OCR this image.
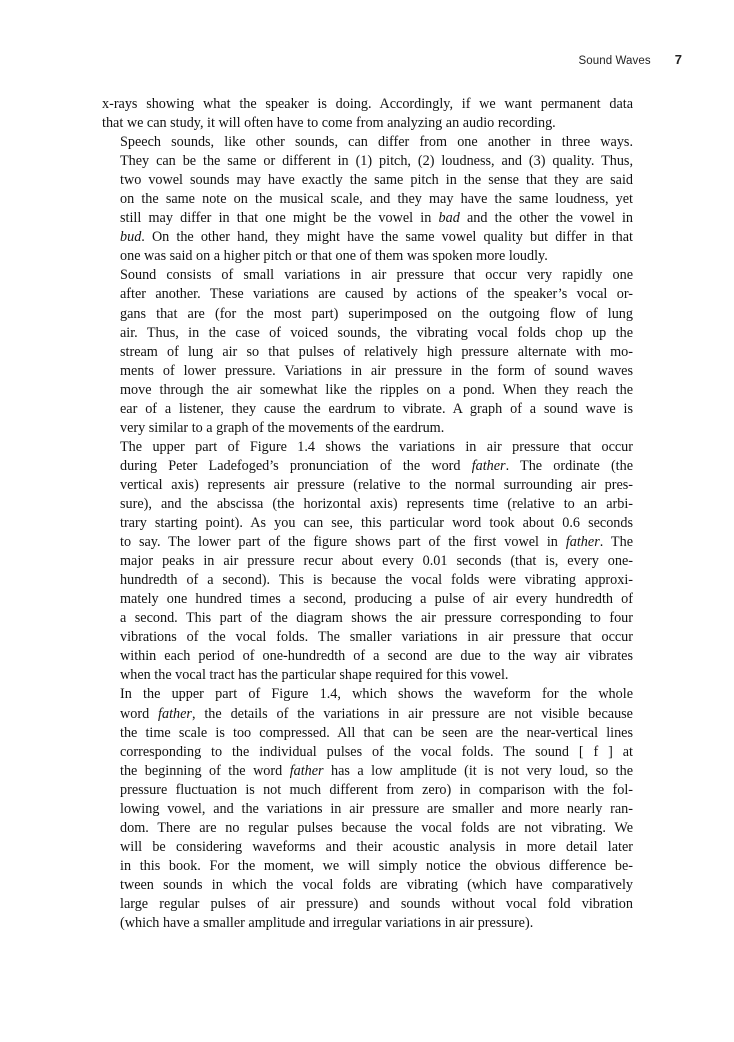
Sound Waves 7

x-rays showing what the speaker is doing. Accordingly, if we want permanent data
that we can study, it will often have to come from analyzing an audio recording.

Speech sounds, like other sounds, can differ from one another in three ways.
They can be the same or different in (1) pitch, (2) loudness, and (3) quality. Thus,
two vowel sounds may have exactly the same pitch in the sense that they are said
on the same note on the musical scale, and they may have the same loudness, yet
still may differ in that one might be the vowel in bad and the other the vowel in
bud. On the other hand, they might have the same vowel quality but differ in that
one was said on a higher pitch or that one of them was spoken more loudly.

Sound consists of small variations in air pressure that occur very rapidly one
after another. These variations are caused by actions of the speaker’s vocal or-
gans that are (for the most part) superimposed on the outgoing flow of lung
air. Thus, in the case of voiced sounds, the vibrating vocal folds chop up the
stream of lung air so that pulses of relatively high pressure alternate with mo-
ments of lower pressure. Variations in air pressure in the form of sound waves
move through the air somewhat like the ripples on a pond. When they reach the
ear of a listener, they cause the eardrum to vibrate. A graph of a sound wave is
very similar to a graph of the movements of the eardrum.

The upper part of Figure 1.4 shows the variations in air pressure that occur
during Peter Ladefoged’s pronunciation of the word father. The ordinate (the
vertical axis) represents air pressure (relative to the normal surrounding air pres-
sure), and the abscissa (the horizontal axis) represents time (relative to an arbi-
trary starting point). As you can see, this particular word took about 0.6 seconds
to say. The lower part of the figure shows part of the first vowel in father. The
major peaks in air pressure recur about every 0.01 seconds (that is, every one-
hundredth of a second). This is because the vocal folds were vibrating approxi-
mately one hundred times a second, producing a pulse of air every hundredth of
a second. This part of the diagram shows the air pressure corresponding to four
vibrations of the vocal folds. The smaller variations in air pressure that occur
within each period of one-hundredth of a second are due to the way air vibrates
when the vocal tract has the particular shape required for this vowel.

In the upper part of Figure 1.4, which shows the waveform for the whole
word father, the details of the variations in air pressure are not visible because
the time scale is too compressed. All that can be seen are the near-vertical lines
corresponding to the individual pulses of the vocal folds. The sound [ f ] at
the beginning of the word father has a low amplitude (it is not very loud, so the
pressure fluctuation is not much different from zero) in comparison with the fol-
lowing vowel, and the variations in air pressure are smaller and more nearly ran-
dom. There are no regular pulses because the vocal folds are not vibrating. We
will be considering waveforms and their acoustic analysis in more detail later
in this book. For the moment, we will simply notice the obvious difference be-
tween sounds in which the vocal folds are vibrating (which have comparatively
large regular pulses of air pressure) and sounds without vocal fold vibration
(which have a smaller amplitude and irregular variations in air pressure).
